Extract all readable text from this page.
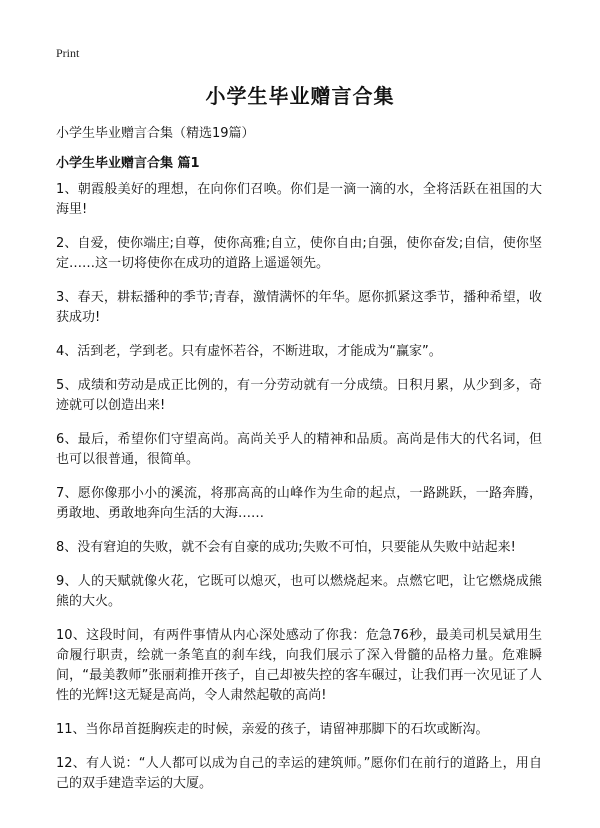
Print
小学生毕业赠言合集

小学生毕业赠言合集（精选19篇）

小学生毕业赠言合集 篇1
1、朝霞般美好的理想，在向你们召唤。你们是一滴一滴的水，全将活跃在祖国的大海里!
2、自爱，使你端庄;自尊，使你高雅;自立，使你自由;自强，使你奋发;自信，使你坚定……这一切将使你在成功的道路上遥遥领先。
3、春天，耕耘播种的季节;青春，激情满怀的年华。愿你抓紧这季节，播种希望，收获成功!
4、活到老，学到老。只有虚怀若谷，不断进取，才能成为“赢家”。
5、成绩和劳动是成正比例的，有一分劳动就有一分成绩。日积月累，从少到多，奇迹就可以创造出来!
6、最后，希望你们守望高尚。高尚关乎人的精神和品质。高尚是伟大的代名词，但也可以很普通，很简单。
7、愿你像那小小的溪流，将那高高的山峰作为生命的起点，一路跳跃，一路奔腾，勇敢地、勇敢地奔向生活的大海……
8、没有窘迫的失败，就不会有自豪的成功;失败不可怕，只要能从失败中站起来!
9、人的天赋就像火花，它既可以熄灭，也可以燃烧起来。点燃它吧，让它燃烧成熊熊的大火。
10、这段时间，有两件事情从内心深处感动了你我：危急76秒，最美司机吴斌用生命履行职责，绘就一条笔直的刹车线，向我们展示了深入骨髓的品格力量。危难瞬间，“最美教师”张丽莉推开孩子，自己却被失控的客车碾过，让我们再一次见证了人性的光辉!这无疑是高尚，令人肃然起敬的高尚!
11、当你昂首挺胸疾走的时候，亲爱的孩子，请留神那脚下的石坎或断沟。
12、有人说：“人人都可以成为自己的幸运的建筑师。”愿你们在前行的道路上，用自己的双手建造幸运的大厦。
